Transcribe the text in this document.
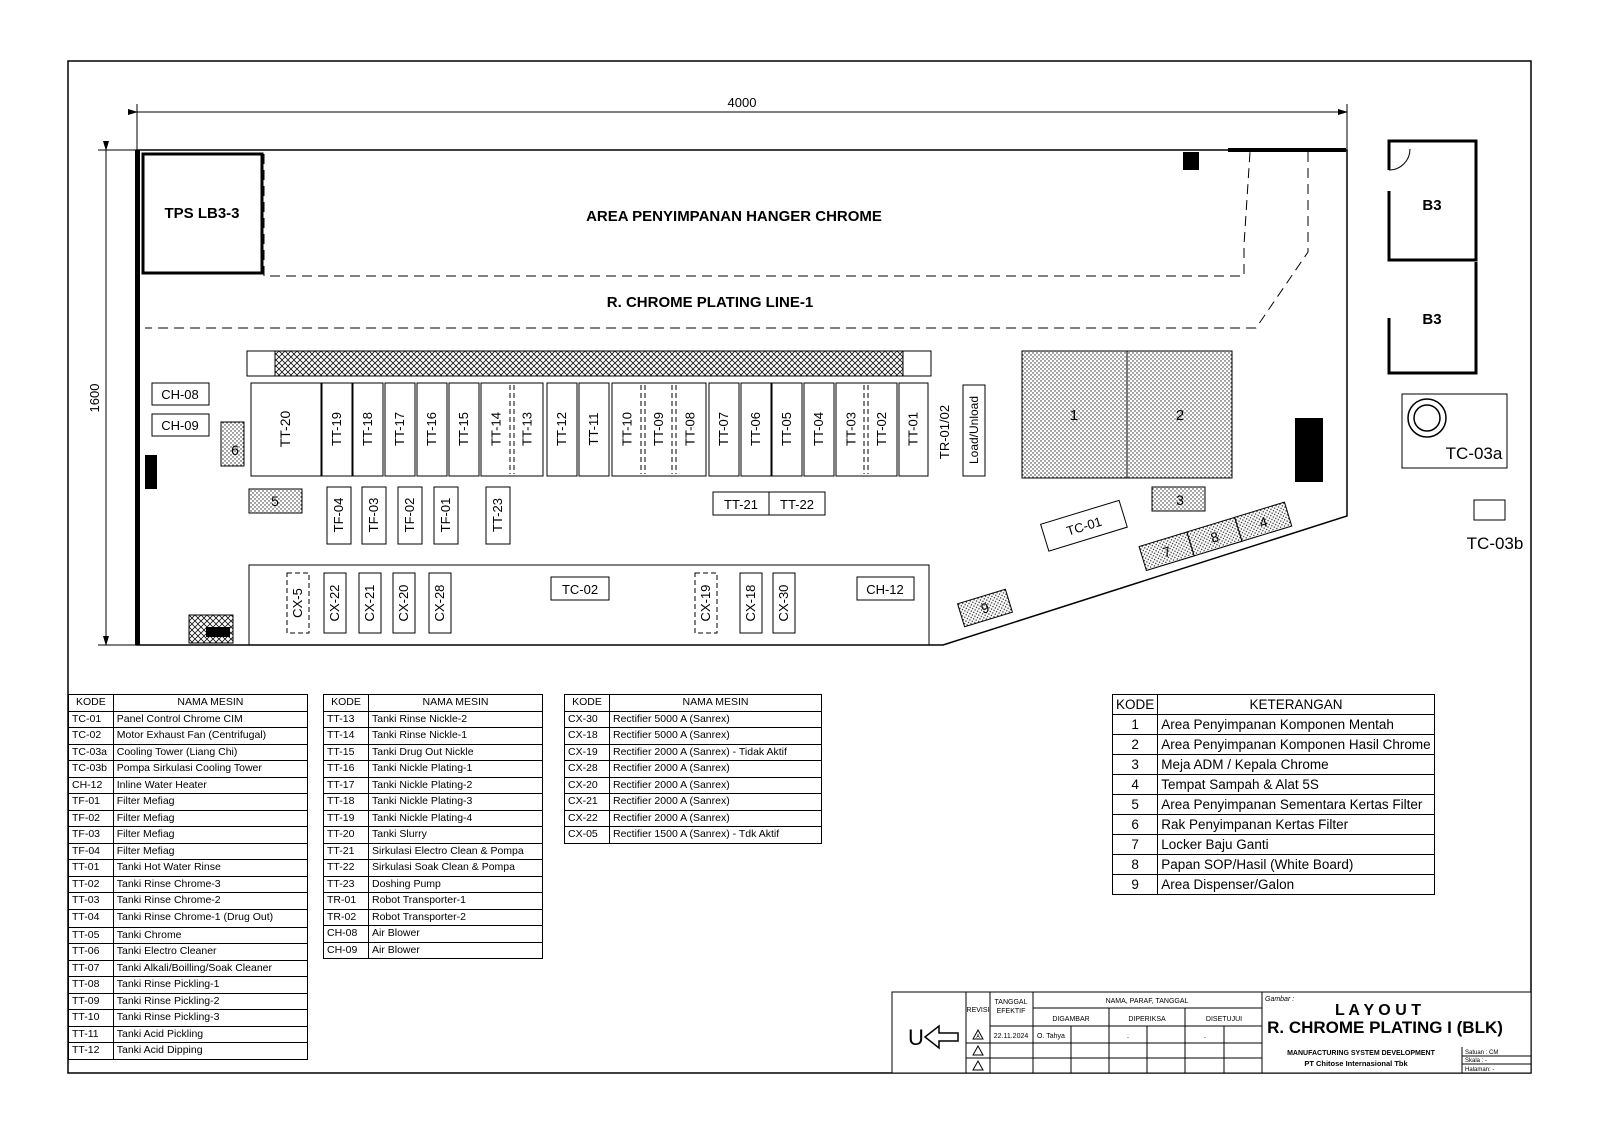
4000
1600
TPS LB3-3	AREA PENYIMPANAN HANGER CHROME
R. CHROME PLATING LINE-1
TT-20	TT-19 TT-18 TT-17 TT-16 TT-15 TT-14 TT-13 TT-12 TT-11 TT-10 TT-09 TT-08 TT-07 TT-06 TT-05 TT-04 TT-03 TT-02 TT-01 TR-01/02 Load/Unload	1	2
CH-08
CH-09
6
5	TF-04 TF-03 TF-02 TF-01	TT-23	TT-21 TT-22	3
7
8
4
TC-01
9
CX-5 CX-22 CX-21 CX-20 CX-28	CX-19 CX-18 CX-30
TC-02	CH-12
B3
B3
TC-03a
TC-03b
U
REVISI
TANGGAL
EFEKTIF
NAMA, PARAF, TANGGAL
DIGAMBAR	DIPERIKSA	DISETUJUI
A 22.11.2024 O. Tahya	.	.
Gambar :
L A Y O U T
R. CHROME PLATING I (BLK)
MANUFACTURING SYSTEM DEVELOPMENT
PT Chitose Internasional Tbk
Satuan : CM
Skala : -
Halaman: -
KODE	NAMA MESIN
TC-01	Panel Control Chrome CIM
TC-02	Motor Exhaust Fan (Centrifugal)
TC-03a	Cooling Tower (Liang Chi)
TC-03b	Pompa Sirkulasi Cooling Tower
CH-12	Inline Water Heater
TF-01	Filter Mefiag
TF-02	Filter Mefiag
TF-03	Filter Mefiag
TF-04	Filter Mefiag
TT-01	Tanki Hot Water Rinse
TT-02	Tanki Rinse Chrome-3
TT-03	Tanki Rinse Chrome-2
TT-04	Tanki Rinse Chrome-1 (Drug Out)
TT-05	Tanki Chrome
TT-06	Tanki Electro Cleaner
TT-07	Tanki Alkali/Boilling/Soak Cleaner
TT-08	Tanki Rinse Pickling-1
TT-09	Tanki Rinse Pickling-2
TT-10	Tanki Rinse Pickling-3
TT-11	Tanki Acid Pickling
TT-12	Tanki Acid Dipping
KODE	NAMA MESIN
TT-13	Tanki Rinse Nickle-2
TT-14	Tanki Rinse Nickle-1
TT-15	Tanki Drug Out Nickle
TT-16	Tanki Nickle Plating-1
TT-17	Tanki Nickle Plating-2
TT-18	Tanki Nickle Plating-3
TT-19	Tanki Nickle Plating-4
TT-20	Tanki Slurry
TT-21	Sirkulasi Electro Clean & Pompa
TT-22	Sirkulasi Soak Clean & Pompa
TT-23	Doshing Pump
TR-01	Robot Transporter-1
TR-02	Robot Transporter-2
CH-08	Air Blower
CH-09	Air Blower
KODE	NAMA MESIN
CX-30	Rectifier 5000 A (Sanrex)
CX-18	Rectifier 5000 A (Sanrex)
CX-19	Rectifier 2000 A (Sanrex) - Tidak Aktif
CX-28	Rectifier 2000 A (Sanrex)
CX-20	Rectifier 2000 A (Sanrex)
CX-21	Rectifier 2000 A (Sanrex)
CX-22	Rectifier 2000 A (Sanrex)
CX-05	Rectifier 1500 A (Sanrex) - Tdk Aktif
KODE	KETERANGAN
1	Area Penyimpanan Komponen Mentah
2	Area Penyimpanan Komponen Hasil Chrome
3	Meja ADM / Kepala Chrome
4	Tempat Sampah & Alat 5S
5	Area Penyimpanan Sementara Kertas Filter
6	Rak Penyimpanan Kertas Filter
7	Locker Baju Ganti
8	Papan SOP/Hasil (White Board)
9	Area Dispenser/Galon
